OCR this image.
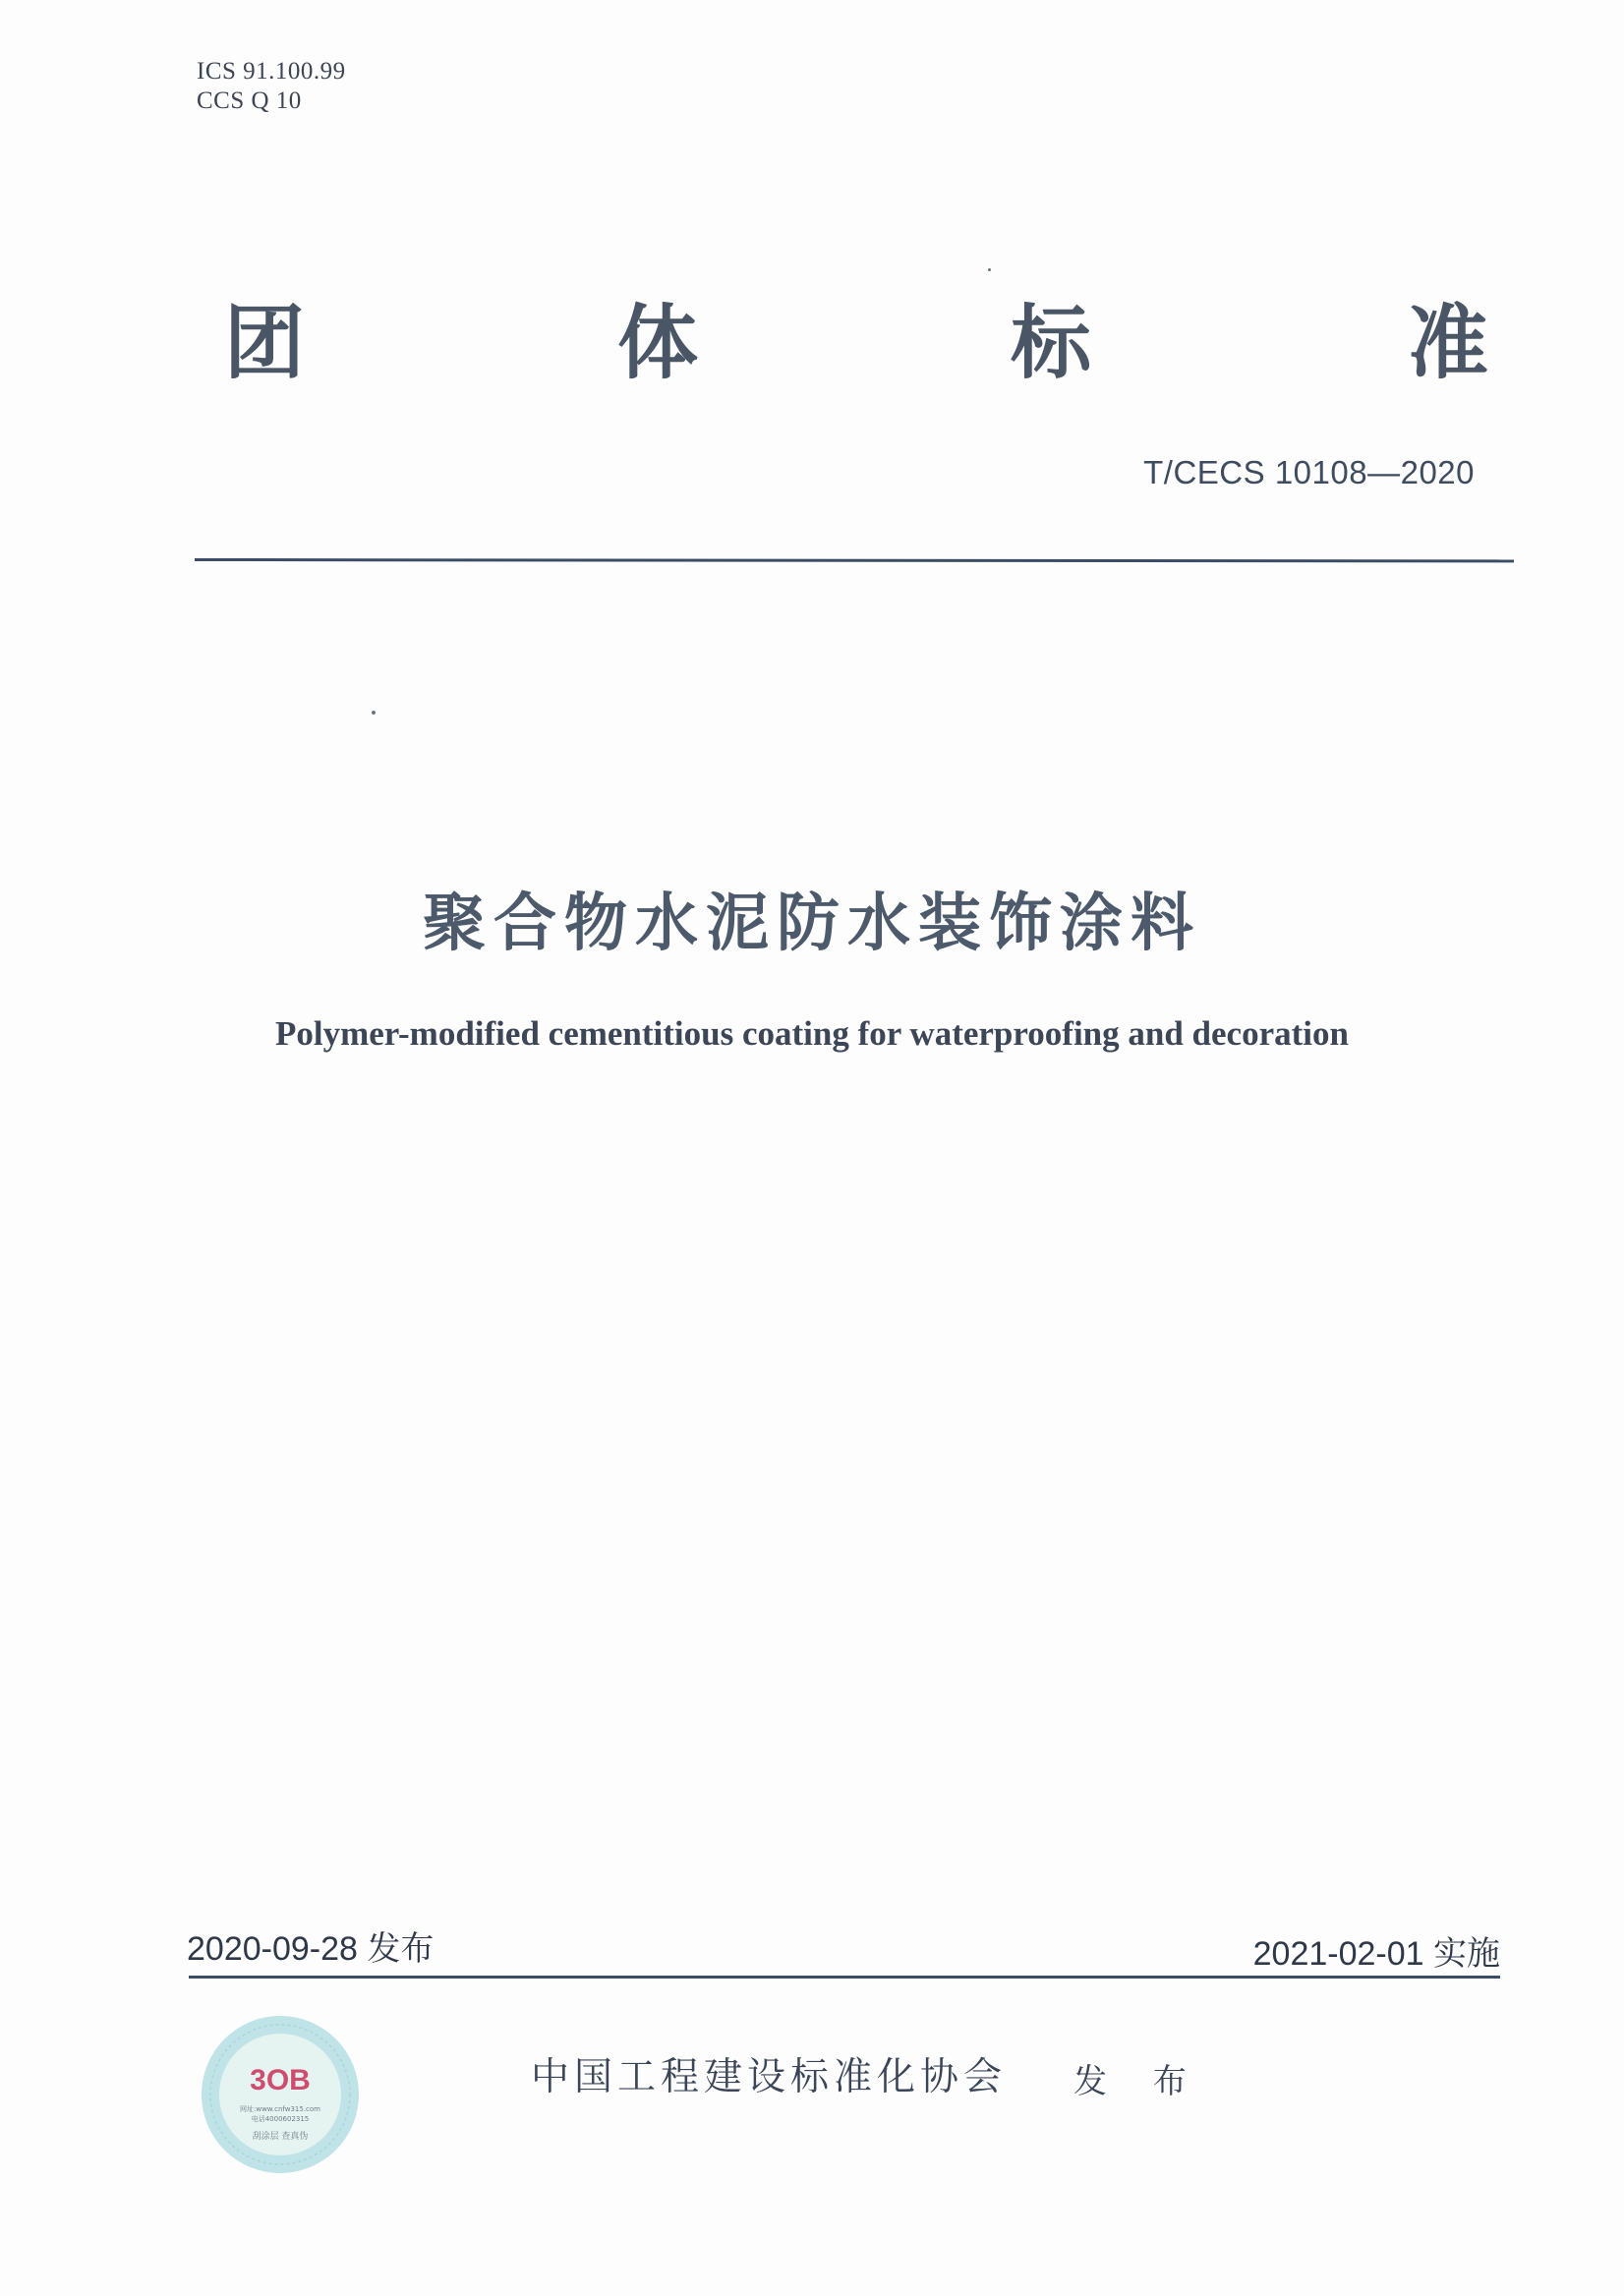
ICS 91.100.99
CCS Q 10
团	体	标	准
T/CECS 10108—2020
聚合物水泥防水装饰涂料
Polymer-modified cementitious coating for waterproofing and decoration
2020-09-28 发布	2021-02-01 实施
3OB
网址:www.cnfw315.com
电话4000602315
刮涂层 查真伪
中国工程建设标准化协会 发 布
